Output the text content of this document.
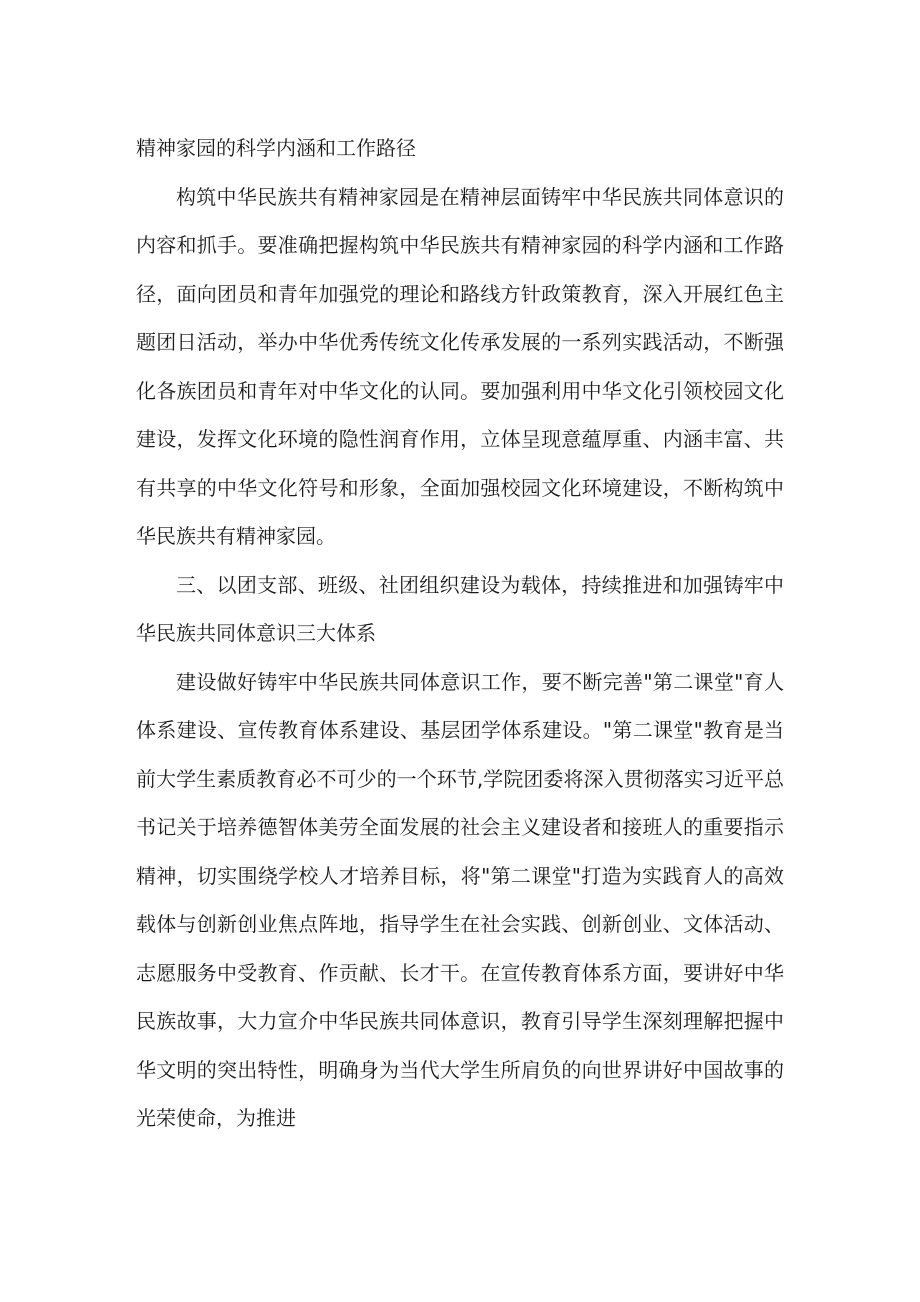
精神家园的科学内涵和工作路径

构筑中华民族共有精神家园是在精神层面铸牢中华民族共同体意识的内容和抓手。要准确把握构筑中华民族共有精神家园的科学内涵和工作路径，面向团员和青年加强党的理论和路线方针政策教育，深入开展红色主题团日活动，举办中华优秀传统文化传承发展的一系列实践活动，不断强化各族团员和青年对中华文化的认同。要加强利用中华文化引领校园文化建设，发挥文化环境的隐性润育作用，立体呈现意蕴厚重、内涵丰富、共有共享的中华文化符号和形象，全面加强校园文化环境建设，不断构筑中华民族共有精神家园。

三、以团支部、班级、社团组织建设为载体，持续推进和加强铸牢中华民族共同体意识三大体系

建设做好铸牢中华民族共同体意识工作，要不断完善"第二课堂"育人体系建设、宣传教育体系建设、基层团学体系建设。"第二课堂"教育是当前大学生素质教育必不可少的一个环节,学院团委将深入贯彻落实习近平总书记关于培养德智体美劳全面发展的社会主义建设者和接班人的重要指示精神，切实围绕学校人才培养目标，将"第二课堂"打造为实践育人的高效载体与创新创业焦点阵地，指导学生在社会实践、创新创业、文体活动、志愿服务中受教育、作贡献、长才干。在宣传教育体系方面，要讲好中华民族故事，大力宣介中华民族共同体意识，教育引导学生深刻理解把握中华文明的突出特性，明确身为当代大学生所肩负的向世界讲好中国故事的光荣使命，为推进
